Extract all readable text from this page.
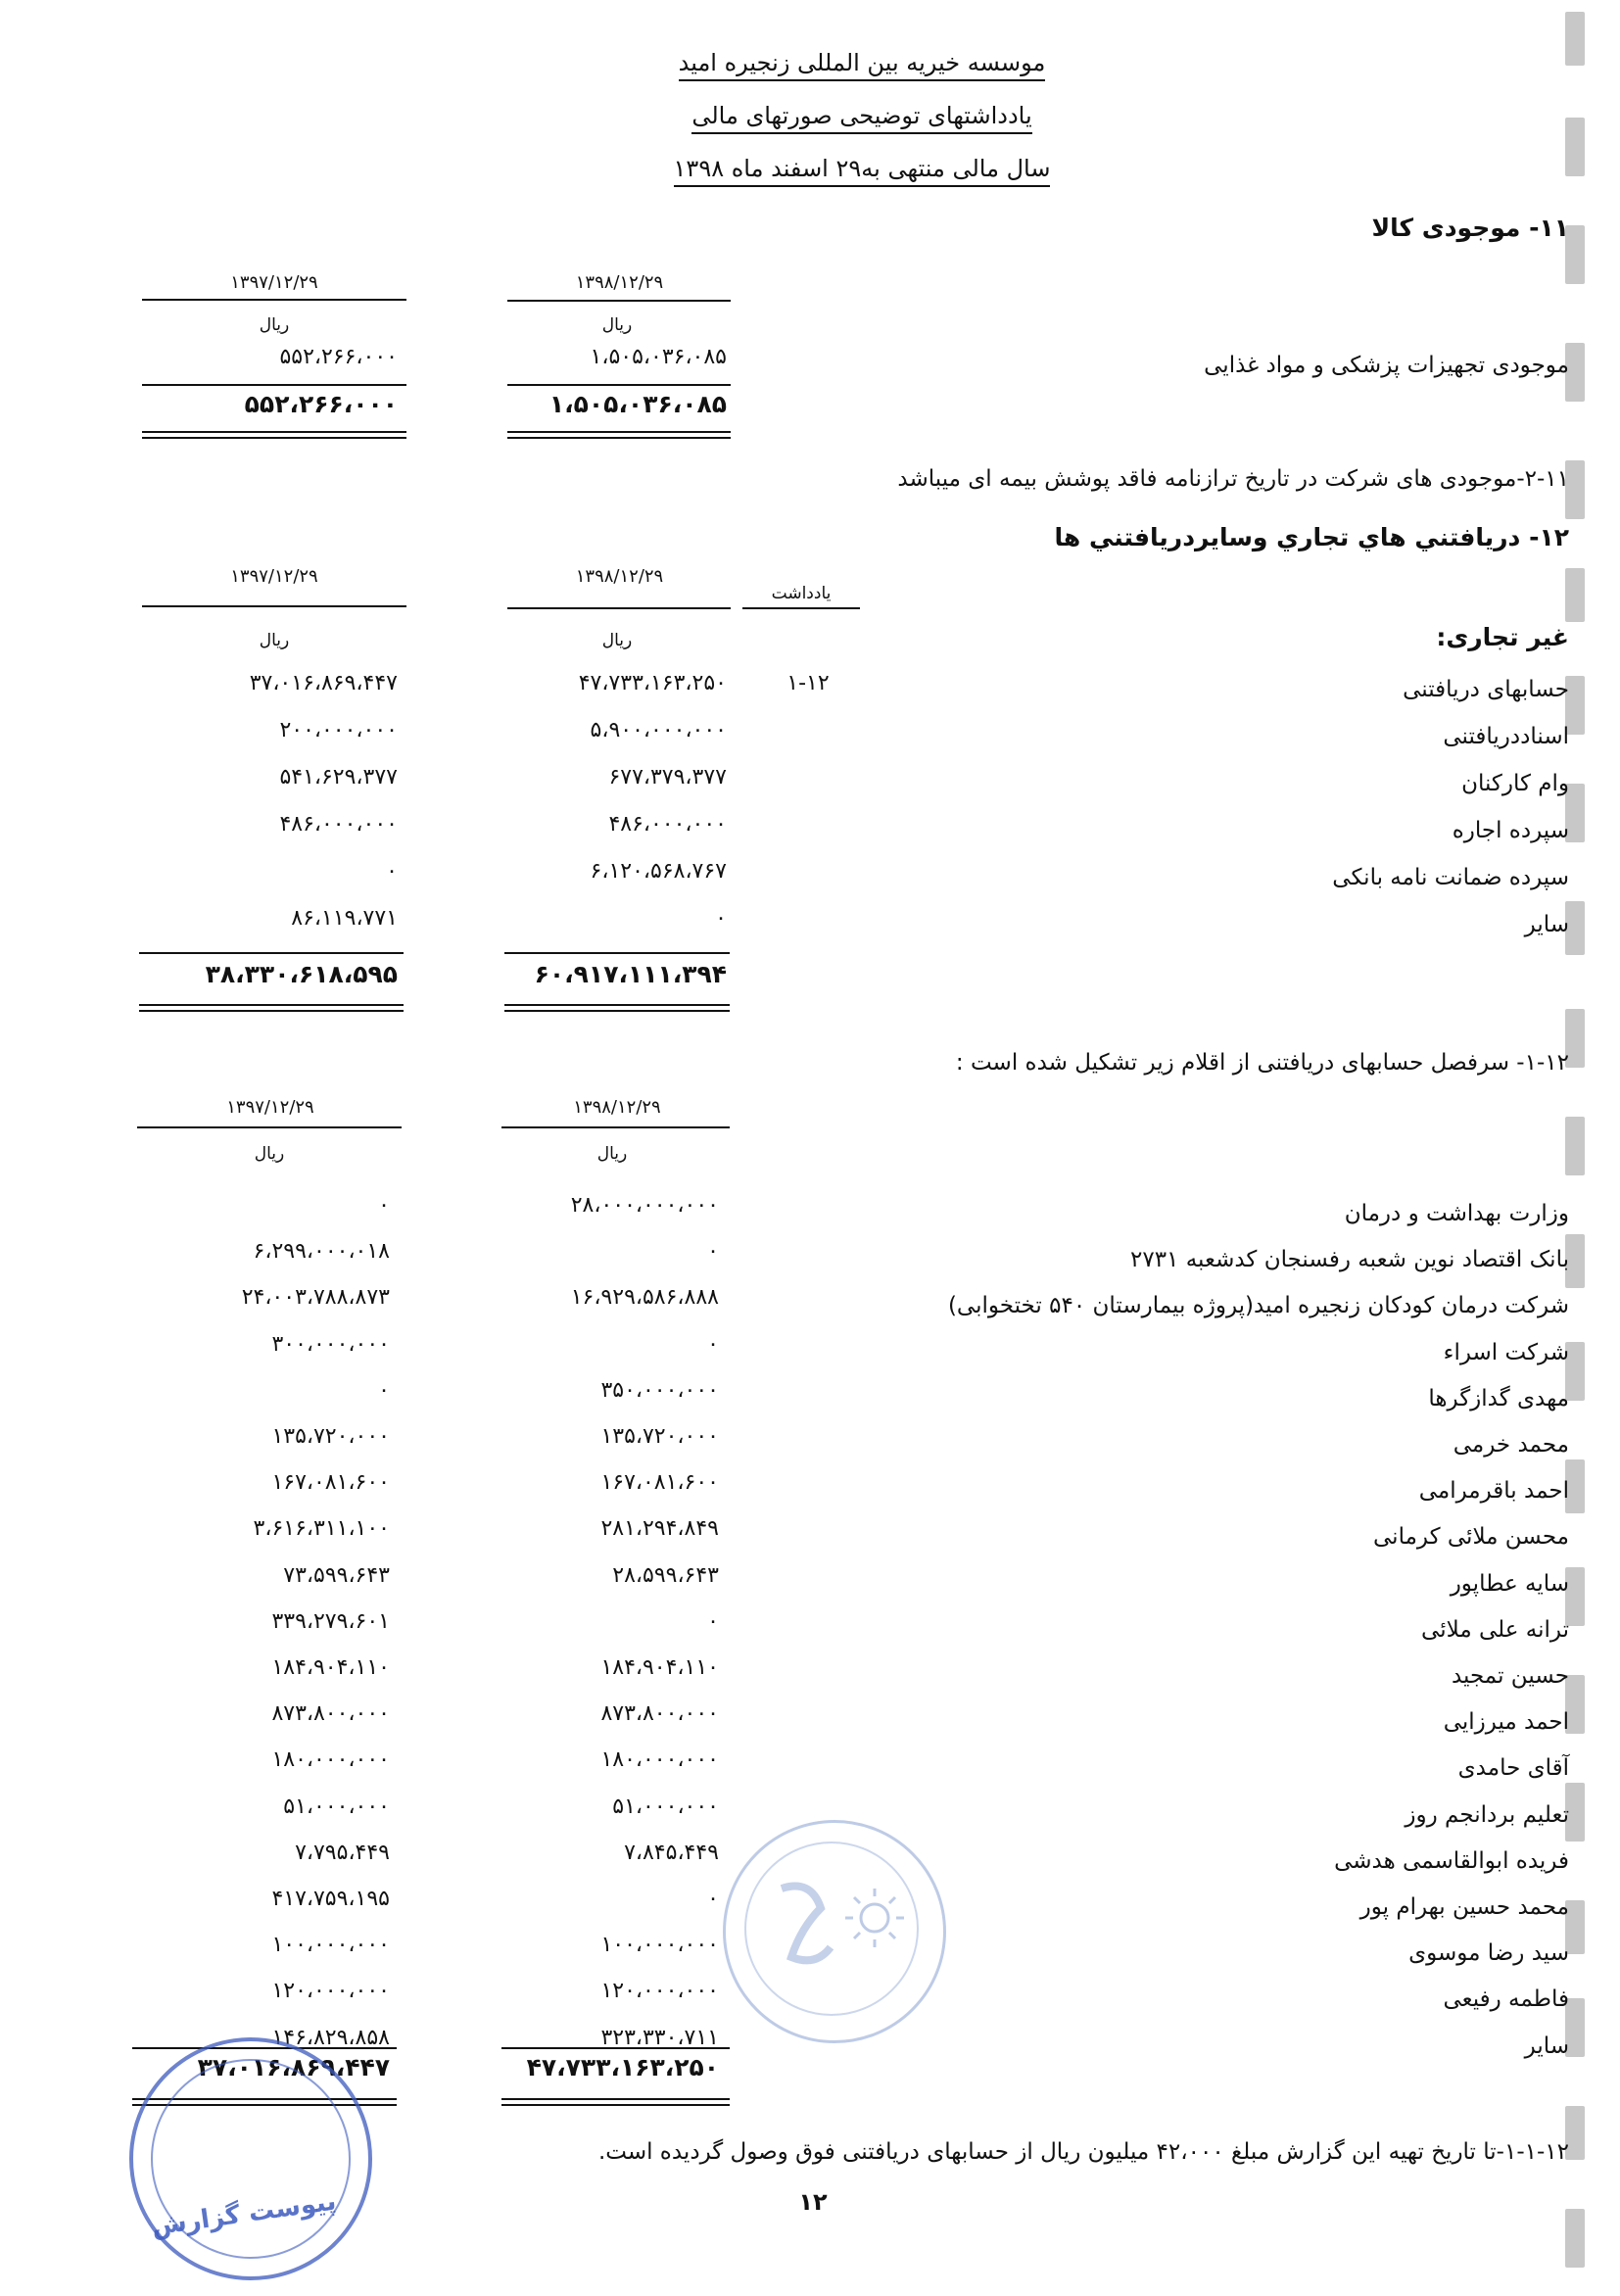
موسسه خیریه بین المللی زنجیره امید
یادداشتهای توضیحی صورتهای مالی
سال مالی منتهی به۲۹ اسفند ماه ۱۳۹۸
۱۱- موجودی کالا
۱۳۹۸/۱۲/۲۹
۱۳۹۷/۱۲/۲۹
ریال
ریال
موجودی تجهیزات پزشکی و مواد غذایی
۱،۵۰۵،۰۳۶،۰۸۵
۵۵۲،۲۶۶،۰۰۰
۱،۵۰۵،۰۳۶،۰۸۵
۵۵۲،۲۶۶،۰۰۰
۲-۱۱-موجودی های شرکت در تاریخ ترازنامه فاقد پوشش بیمه ای میباشد
۱۲- دريافتني هاي تجاري وسايردريافتني ها
۱۳۹۸/۱۲/۲۹
۱۳۹۷/۱۲/۲۹
یادداشت
ریال
ریال	غیر تجاری:
حسابهای دریافتنی
۱-۱۲
۴۷،۷۳۳،۱۶۳،۲۵۰
۳۷،۰۱۶،۸۶۹،۴۴۷
اسناددریافتنی
۵،۹۰۰،۰۰۰،۰۰۰
۲۰۰،۰۰۰،۰۰۰
وام کارکنان
۶۷۷،۳۷۹،۳۷۷
۵۴۱،۶۲۹،۳۷۷
سپرده اجاره
۴۸۶،۰۰۰،۰۰۰
۴۸۶،۰۰۰،۰۰۰
سپرده ضمانت نامه بانکی
۶،۱۲۰،۵۶۸،۷۶۷
۰
سایر
۰
۸۶،۱۱۹،۷۷۱
۶۰،۹۱۷،۱۱۱،۳۹۴
۳۸،۳۳۰،۶۱۸،۵۹۵
۱-۱۲- سرفصل حسابهای دریافتنی از اقلام زیر تشکیل شده است :
۱۳۹۸/۱۲/۲۹
۱۳۹۷/۱۲/۲۹
ریال
ریال
وزارت بهداشت و درمان
۲۸،۰۰۰،۰۰۰،۰۰۰
۰
بانک اقتصاد نوین شعبه رفسنجان کدشعبه ۲۷۳۱
۰
۶،۲۹۹،۰۰۰،۰۱۸
شرکت درمان کودکان زنجیره امید(پروژه بیمارستان ۵۴۰ تختخوابی)
۱۶،۹۲۹،۵۸۶،۸۸۸
۲۴،۰۰۳،۷۸۸،۸۷۳
شرکت اسراء
۰
۳۰۰،۰۰۰،۰۰۰
مهدی گدازگرها
۳۵۰،۰۰۰،۰۰۰
۰
محمد خرمی
۱۳۵،۷۲۰،۰۰۰
۱۳۵،۷۲۰،۰۰۰
احمد باقرمرامی
۱۶۷،۰۸۱،۶۰۰
۱۶۷،۰۸۱،۶۰۰
محسن ملائی کرمانی
۲۸۱،۲۹۴،۸۴۹
۳،۶۱۶،۳۱۱،۱۰۰
سایه عطاپور
۲۸،۵۹۹،۶۴۳
۷۳،۵۹۹،۶۴۳
ترانه علی ملائی
۰
۳۳۹،۲۷۹،۶۰۱
حسین تمجید
۱۸۴،۹۰۴،۱۱۰
۱۸۴،۹۰۴،۱۱۰
احمد میرزایی
۸۷۳،۸۰۰،۰۰۰
۸۷۳،۸۰۰،۰۰۰
آقای حامدی
۱۸۰،۰۰۰،۰۰۰
۱۸۰،۰۰۰،۰۰۰
تعلیم بردانجم روز
۵۱،۰۰۰،۰۰۰
۵۱،۰۰۰،۰۰۰
فریده ابوالقاسمی هدشی
۷،۸۴۵،۴۴۹
۷،۷۹۵،۴۴۹
محمد حسین بهرام پور
۰
۴۱۷،۷۵۹،۱۹۵
سید رضا موسوی
۱۰۰،۰۰۰،۰۰۰
۱۰۰،۰۰۰،۰۰۰
فاطمه رفیعی
۱۲۰،۰۰۰،۰۰۰
۱۲۰،۰۰۰،۰۰۰
سایر
۳۲۳،۳۳۰،۷۱۱
۱۴۶،۸۲۹،۸۵۸
۴۷،۷۳۳،۱۶۳،۲۵۰
۳۷،۰۱۶،۸۶۹،۴۴۷
۱-۱-۱۲-تا تاریخ تهیه این گزارش مبلغ ۴۲،۰۰۰ میلیون ریال از حسابهای دریافتنی فوق وصول گردیده است.
۱۲
پیوست گزارش
